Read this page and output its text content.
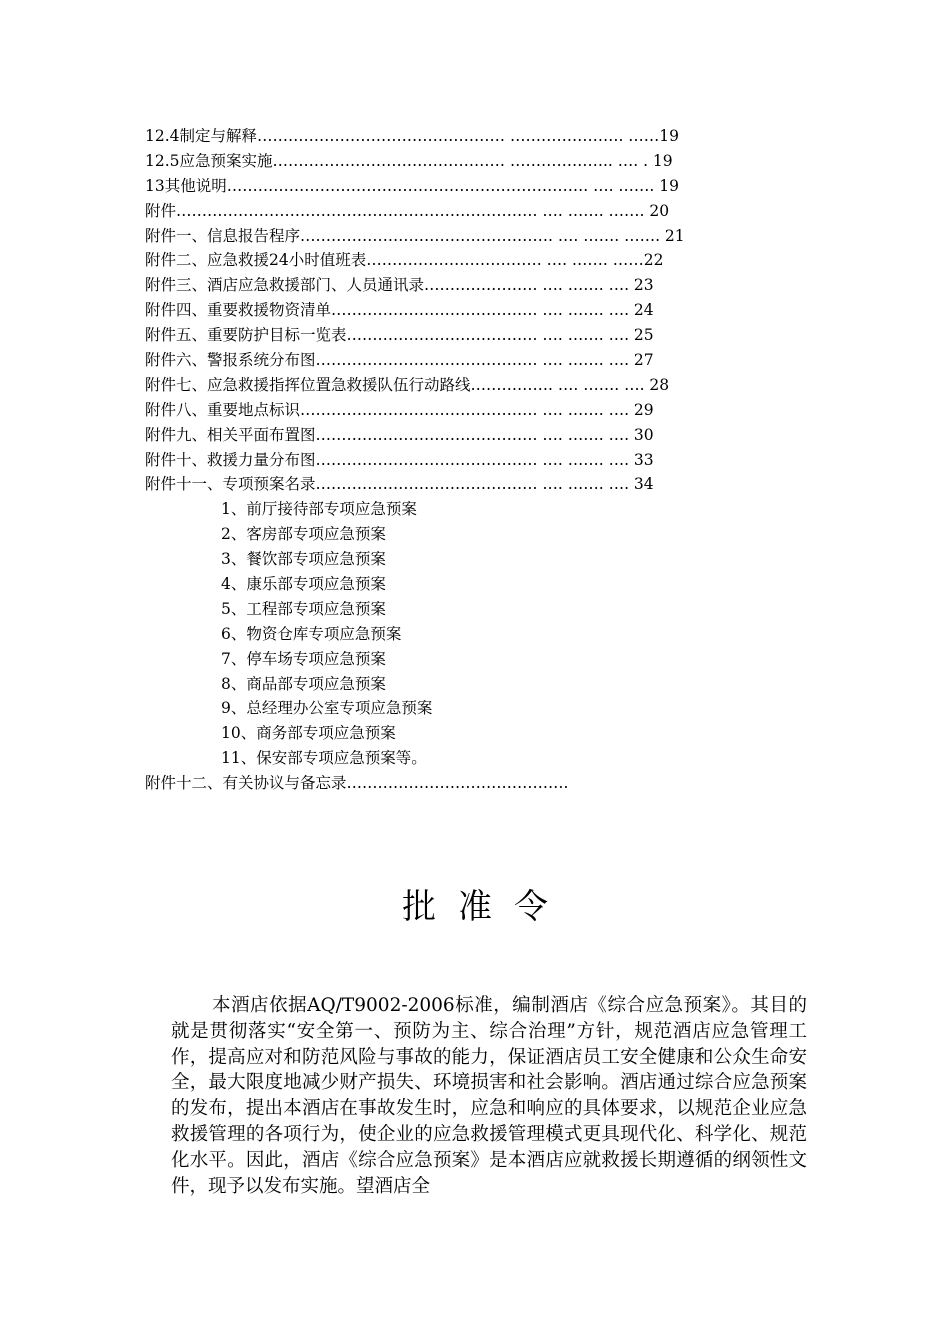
12.4制定与解释………………………………………… …………………. ……19
12.5应急预案实施……………………………………… ……………….. …. . 19
13其他说明……………………………………………………………. …. ……. 19
附件……………………………………………………………. …. ……. ……. 20
附件一、信息报告程序…………………………………………. …. ……. ……. 21
附件二、应急救援24小时值班表……………………………. …. ……. ……22
附件三、酒店应急救援部门、人员通讯录…………………. …. ……. …. 23
附件四、重要救援物资清单…………………………………. …. ……. …. 24
附件五、重要防护目标一览表………………………………. …. ……. …. 25
附件六、警报系统分布图……………………………………. …. ……. …. 27
附件七、应急救援指挥位置急救援队伍行动路线……………. …. ……. …. 28
附件八、重要地点标识………………………………………. …. ……. …. 29
附件九、相关平面布置图……………………………………. …. ……. …. 30
附件十、救援力量分布图……………………………………. …. ……. …. 33
附件十一、专项预案名录……………………………………. …. ……. …. 34
1、前厅接待部专项应急预案
2、客房部专项应急预案
3、餐饮部专项应急预案
4、康乐部专项应急预案
5、工程部专项应急预案
6、物资仓库专项应急预案
7、停车场专项应急预案
8、商品部专项应急预案
9、总经理办公室专项应急预案
10、商务部专项应急预案
11、保安部专项应急预案等。
附件十二、有关协议与备忘录…………………………………….
批准令

本酒店依据AQ/T9002-2006标准，编制酒店《综合应急预案》。其目的就是贯彻落实“安全第一、预防为主、综合治理”方针，规范酒店应急管理工作，提高应对和防范风险与事故的能力，保证酒店员工安全健康和公众生命安全，最大限度地减少财产损失、环境损害和社会影响。酒店通过综合应急预案的发布，提出本酒店在事故发生时，应急和响应的具体要求，以规范企业应急救援管理的各项行为，使企业的应急救援管理模式更具现代化、科学化、规范化水平。因此，酒店《综合应急预案》是本酒店应就救援长期遵循的纲领性文件，现予以发布实施。望酒店全
